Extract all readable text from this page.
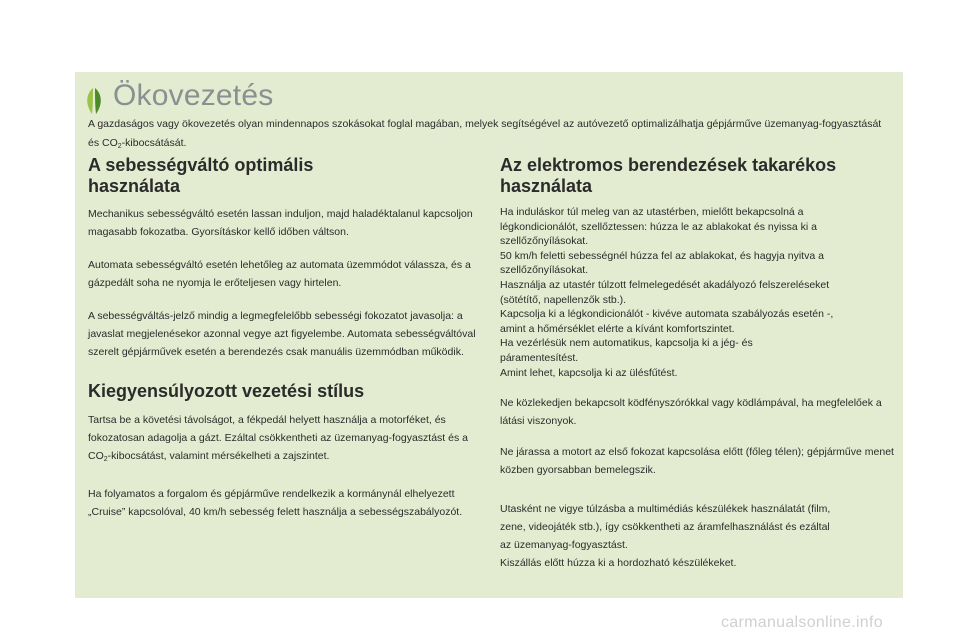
Ökovezetés

A gazdaságos vagy ökovezetés olyan mindennapos szokásokat foglal magában, melyek segítségével az autóvezető optimalizálhatja gépjárműve üzemanyag-fogyasztását és $CO_2$-kibocsátását.

A sebességváltó optimális
használata

Mechanikus sebességváltó esetén lassan induljon, majd haladéktalanul kapcsoljon magasabb fokozatba. Gyorsításkor kellő időben váltson.

Automata sebességváltó esetén lehetőleg az automata üzemmódot válassza, és a gázpedált soha ne nyomja le erőteljesen vagy hirtelen.

A sebességváltás-jelző mindig a legmegfelelőbb sebességi fokozatot javasolja: a javaslat megjelenésekor azonnal vegye azt figyelembe. Automata sebességváltóval szerelt gépjárművek esetén a berendezés csak manuális üzemmódban működik.

Kiegyensúlyozott vezetési stílus

Tartsa be a követési távolságot, a fékpedál helyett használja a motorféket, és fokozatosan adagolja a gázt. Ezáltal csökkentheti az üzemanyag-fogyasztást és a $CO_2$-kibocsátást, valamint mérsékelheti a zajszintet.

Ha folyamatos a forgalom és gépjárműve rendelkezik a kormánynál elhelyezett „Cruise” kapcsolóval, 40 km/h sebesség felett használja a sebességszabályozót.

Az elektromos berendezések takarékos
használata

Ha induláskor túl meleg van az utastérben, mielőtt bekapcsolná a
légkondicionálót, szellőztessen: húzza le az ablakokat és nyissa ki a
szellőzőnyílásokat.
50 km/h feletti sebességnél húzza fel az ablakokat, és hagyja nyitva a
szellőzőnyílásokat.
Használja az utastér túlzott felmelegedését akadályozó felszereléseket
(sötétítő, napellenzők stb.).
Kapcsolja ki a légkondicionálót - kivéve automata szabályozás esetén -,
amint a hőmérséklet elérte a kívánt komfortszintet.
Ha vezérlésük nem automatikus, kapcsolja ki a jég- és
páramentesítést.
Amint lehet, kapcsolja ki az ülésfűtést.

Ne közlekedjen bekapcsolt ködfényszórókkal vagy ködlámpával, ha megfelelőek a látási viszonyok.

Ne járassa a motort az első fokozat kapcsolása előtt (főleg télen); gépjárműve menet közben gyorsabban bemelegszik.

Utasként ne vigye túlzásba a multimédiás készülékek használatát (film,
zene, videojáték stb.), így csökkentheti az áramfelhasználást és ezáltal
az üzemanyag-fogyasztást.
Kiszállás előtt húzza ki a hordozható készülékeket.

carmanualsonline.info
